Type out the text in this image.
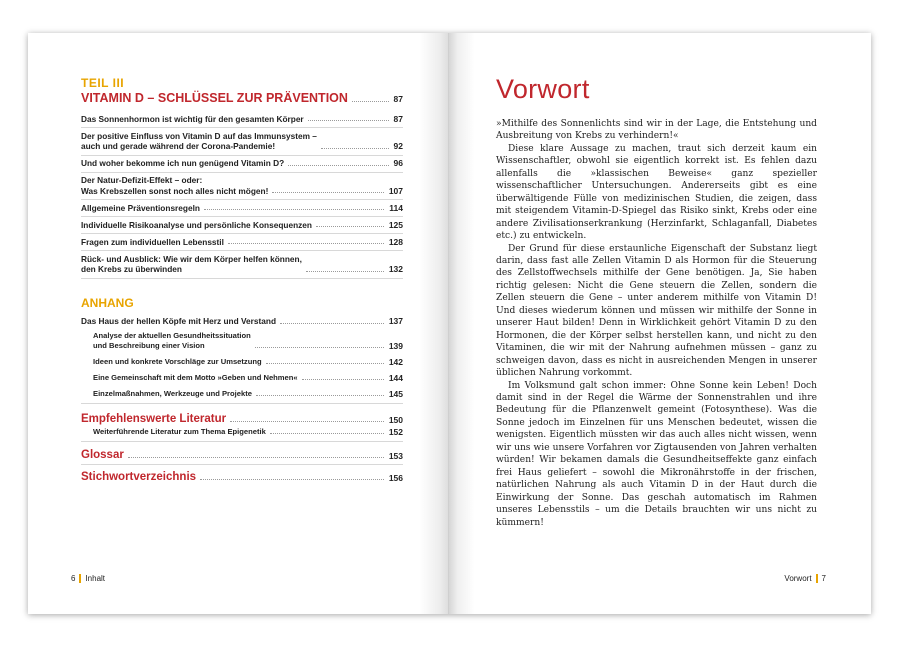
TEIL III
VITAMIN D – SCHLÜSSEL ZUR PRÄVENTION	87
Das Sonnenhormon ist wichtig für den gesamten Körper	87
Der positive Einfluss von Vitamin D auf das Immunsystem –
auch und gerade während der Corona-Pandemie!	92
Und woher bekomme ich nun genügend Vitamin D?	96
Der Natur-Defizit-Effekt – oder:
Was Krebszellen sonst noch alles nicht mögen!	107
Allgemeine Präventionsregeln	114
Individuelle Risikoanalyse und persönliche Konsequenzen	125
Fragen zum individuellen Lebensstil	128
Rück- und Ausblick: Wie wir dem Körper helfen können,
den Krebs zu überwinden	132
ANHANG
Das Haus der hellen Köpfe mit Herz und Verstand	137
Analyse der aktuellen Gesundheitssituation
und Beschreibung einer Vision	139
Ideen und konkrete Vorschläge zur Umsetzung	142
Eine Gemeinschaft mit dem Motto »Geben und Nehmen«	144
Einzelmaßnahmen, Werkzeuge und Projekte	145
Empfehlenswerte Literatur	150
Weiterführende Literatur zum Thema Epigenetik	152
Glossar	153
Stichwortverzeichnis	156
6 Inhalt
Vorwort

»Mithilfe des Sonnenlichts sind wir in der Lage, die Entstehung und Ausbreitung von Krebs zu verhindern!«

Diese klare Aussage zu machen, traut sich derzeit kaum ein Wissenschaftler, obwohl sie eigentlich korrekt ist. Es fehlen dazu allenfalls die »klassischen Beweise« ganz spezieller wissenschaftlicher Untersuchungen. Andererseits gibt es eine überwältigende Fülle von medizinischen Studien, die zeigen, dass mit steigendem Vitamin-D-Spiegel das Risiko sinkt, Krebs oder eine andere Zivilisationserkrankung (Herzinfarkt, Schlaganfall, Diabetes etc.) zu entwickeln.

Der Grund für diese erstaunliche Eigenschaft der Substanz liegt darin, dass fast alle Zellen Vitamin D als Hormon für die Steuerung des Zellstoffwechsels mithilfe der Gene benötigen. Ja, Sie haben richtig gelesen: Nicht die Gene steuern die Zellen, sondern die Zellen steuern die Gene – unter anderem mithilfe von Vitamin D! Und dieses wiederum können und müssen wir mithilfe der Sonne in unserer Haut bilden! Denn in Wirklichkeit gehört Vitamin D zu den Hormonen, die der Körper selbst herstellen kann, und nicht zu den Vitaminen, die wir mit der Nahrung aufnehmen müssen – ganz zu schweigen davon, dass es nicht in ausreichenden Mengen in unserer üblichen Nahrung vorkommt.

Im Volksmund galt schon immer: Ohne Sonne kein Leben! Doch damit sind in der Regel die Wärme der Sonnenstrahlen und ihre Bedeutung für die Pflanzenwelt gemeint (Fotosynthese). Was die Sonne jedoch im Einzelnen für uns Menschen bedeutet, wissen die wenigsten. Eigentlich müssten wir das auch alles nicht wissen, wenn wir uns wie unsere Vorfahren vor Zigtausenden von Jahren verhalten würden! Wir bekamen damals die Gesundheitseffekte ganz einfach frei Haus geliefert – sowohl die Mikronährstoffe in der frischen, natürlichen Nahrung als auch Vitamin D in der Haut durch die Einwirkung der Sonne. Das geschah automatisch im Rahmen unseres Lebensstils – um die Details brauchten wir uns nicht zu kümmern!

Vorwort 7
